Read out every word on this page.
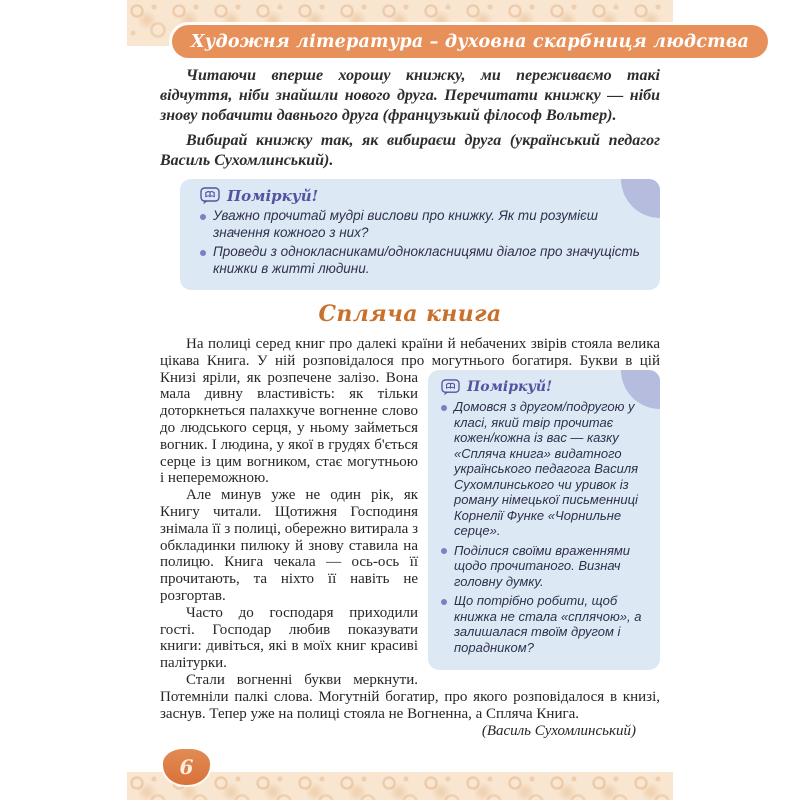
Художня література – духовна скарбниця людства

Читаючи вперше хорошу книжку, ми переживаємо такі відчуття, ніби знайшли нового друга. Перечитати книжку — ніби знову побачити давнього друга (французький філософ Вольтер).

Вибирай книжку так, як вибираєш друга (український педагог Василь Сухомлинський).

Поміркуй!
Уважно прочитай мудрі вислови про книжку. Як ти розумієш значення кожного з них?
Проведи з однокласниками/однокласницями діалог про значущість книжки в житті людини.
Спляча книга
Поміркуй!
Домовся з другом/подругою у класі, який твір прочитає кожен/кожна із вас — казку «Спляча книга» видатного українського педагога Василя Сухомлинського чи уривок із роману німецької письменниці Корнелії Функе «Чорнильне серце».
Поділися своїми враженнями щодо прочитаного. Визнач головну думку.
Що потрібно робити, щоб книжка не стала «сплячою», а залишалася твоїм другом і порадником?

На полиці серед книг про далекі країни й небачених звірів стояла велика цікава Книга. У ній розповідалося про могутнього богатиря. Букви в цій Книзі яріли, як розпечене залізо. Вона мала дивну властивість: як тільки доторкнеться палахкуче вогненне слово до людського серця, у ньому займеться вогник. І людина, у якої в грудях б'ється серце із цим вогником, стає могутньою і непереможною.

Але минув уже не один рік, як Книгу читали. Щотижня Господиня знімала її з полиці, обережно витирала з обкладинки пилюку й знову ставила на полицю. Книга чекала — ось-ось її прочитають, та ніхто її навіть не розгортав.

Часто до господаря приходили гості. Господар любив показувати книги: дивіться, які в моїх книг красиві палітурки.

Стали вогненні букви меркнути. Потемніли палкі слова. Могутній богатир, про якого розповідалося в книзі, заснув. Тепер уже на полиці стояла не Вогненна, а Спляча Книга.

(Василь Сухомлинський)

6
